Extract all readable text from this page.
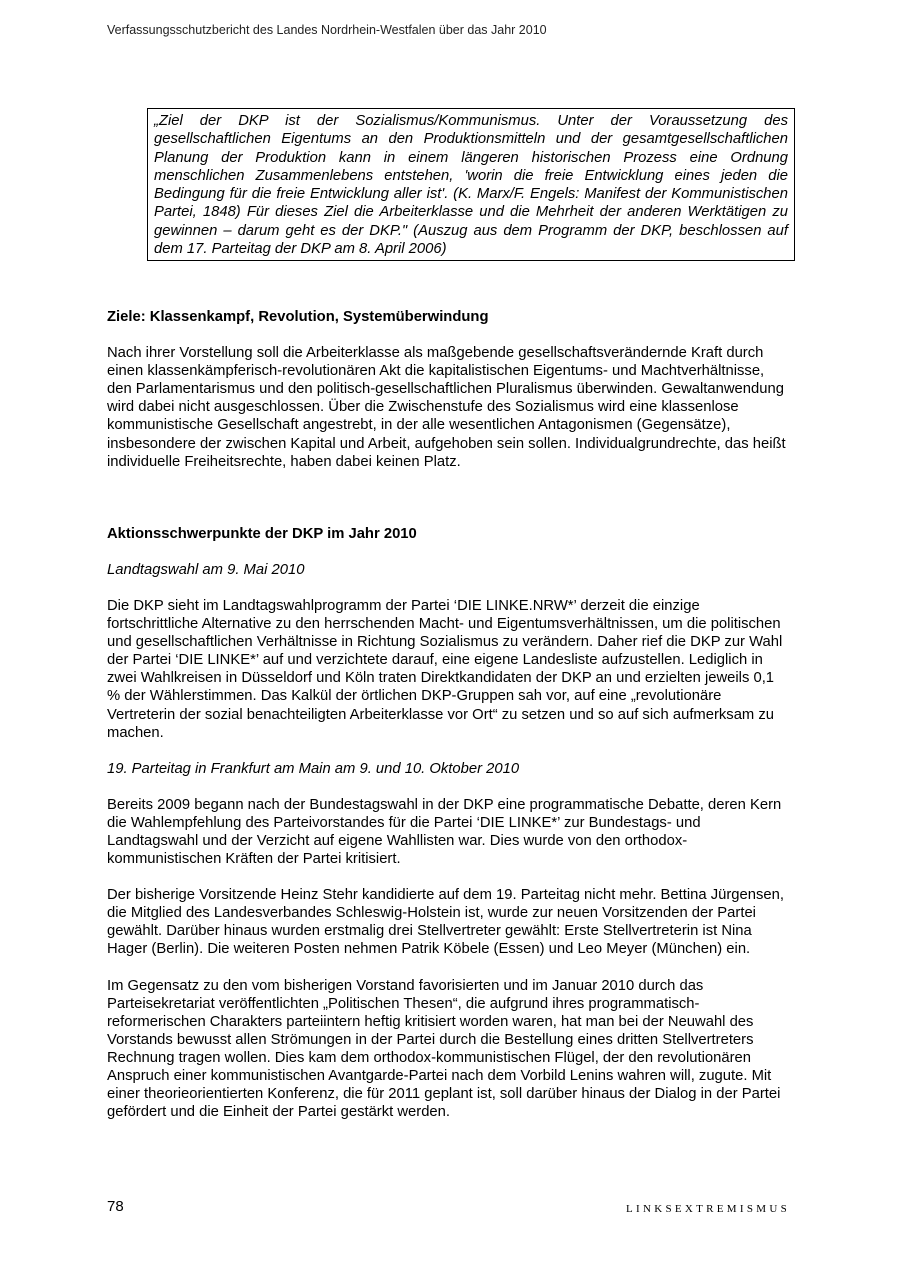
Verfassungsschutzbericht des Landes Nordrhein-Westfalen über das Jahr 2010
„Ziel der DKP ist der Sozialismus/Kommunismus. Unter der Voraussetzung des gesellschaftlichen Eigentums an den Produktionsmitteln und der gesamtgesellschaftlichen Planung der Produktion kann in einem längeren historischen Prozess eine Ordnung menschlichen Zusammenlebens entstehen, 'worin die freie Entwicklung eines jeden die Bedingung für die freie Entwicklung aller ist'. (K. Marx/F. Engels: Manifest der Kommunistischen Partei, 1848) Für dieses Ziel die Arbeiterklasse und die Mehrheit der anderen Werktätigen zu gewinnen – darum geht es der DKP." (Auszug aus dem Programm der DKP, beschlossen auf dem 17. Parteitag der DKP am 8. April 2006)

Ziele: Klassenkampf, Revolution, Systemüberwindung

Nach ihrer Vorstellung soll die Arbeiterklasse als maßgebende gesellschaftsverändernde Kraft durch einen klassenkämpferisch-revolutionären Akt die kapitalistischen Eigentums- und Machtverhältnisse, den Parlamentarismus und den politisch-gesellschaftlichen Pluralismus überwinden. Gewaltanwendung wird dabei nicht ausgeschlossen. Über die Zwischenstufe des Sozialismus wird eine klassenlose kommunistische Gesellschaft angestrebt, in der alle wesentlichen Antagonismen (Gegensätze), insbesondere der zwischen Kapital und Arbeit, aufgehoben sein sollen. Individualgrundrechte, das heißt individuelle Freiheitsrechte, haben dabei keinen Platz.

Aktionsschwerpunkte der DKP im Jahr 2010

Landtagswahl am 9. Mai 2010

Die DKP sieht im Landtagswahlprogramm der Partei ‘DIE LINKE.NRW*’ derzeit die einzige fortschrittliche Alternative zu den herrschenden Macht- und Eigentumsverhältnissen, um die politischen und gesellschaftlichen Verhältnisse in Richtung Sozialismus zu verändern. Daher rief die DKP zur Wahl der Partei ‘DIE LINKE*’ auf und verzichtete darauf, eine eigene Landesliste aufzustellen. Lediglich in zwei Wahlkreisen in Düsseldorf und Köln traten Direktkandidaten der DKP an und erzielten jeweils 0,1 % der Wählerstimmen. Das Kalkül der örtlichen DKP-Gruppen sah vor, auf eine „revolutionäre Vertreterin der sozial benachteiligten Arbeiterklasse vor Ort“ zu setzen und so auf sich aufmerksam zu machen.

19. Parteitag in Frankfurt am Main am 9. und 10. Oktober 2010

Bereits 2009 begann nach der Bundestagswahl in der DKP eine programmatische Debatte, deren Kern die Wahlempfehlung des Parteivorstandes für die Partei ‘DIE LINKE*’ zur Bundestags- und Landtagswahl und der Verzicht auf eigene Wahllisten war. Dies wurde von den orthodox-kommunistischen Kräften der Partei kritisiert.

Der bisherige Vorsitzende Heinz Stehr kandidierte auf dem 19. Parteitag nicht mehr. Bettina Jürgensen, die Mitglied des Landesverbandes Schleswig-Holstein ist, wurde zur neuen Vorsitzenden der Partei gewählt. Darüber hinaus wurden erstmalig drei Stellvertreter gewählt: Erste Stellvertreterin ist Nina Hager (Berlin). Die weiteren Posten nehmen Patrik Köbele (Essen) und Leo Meyer (München) ein.

Im Gegensatz zu den vom bisherigen Vorstand favorisierten und im Januar 2010 durch das Parteisekretariat veröffentlichten „Politischen Thesen“, die aufgrund ihres programmatisch-reformerischen Charakters parteiintern heftig kritisiert worden waren, hat man bei der Neuwahl des Vorstands bewusst allen Strömungen in der Partei durch die Bestellung eines dritten Stellvertreters Rechnung tragen wollen. Dies kam dem orthodox-kommunistischen Flügel, der den revolutionären Anspruch einer kommunistischen Avantgarde-Partei nach dem Vorbild Lenins wahren will, zugute. Mit einer theorieorientierten Konferenz, die für 2011 geplant ist, soll darüber hinaus der Dialog in der Partei gefördert und die Einheit der Partei gestärkt werden.

78	LINKSEXTREMISMUS
